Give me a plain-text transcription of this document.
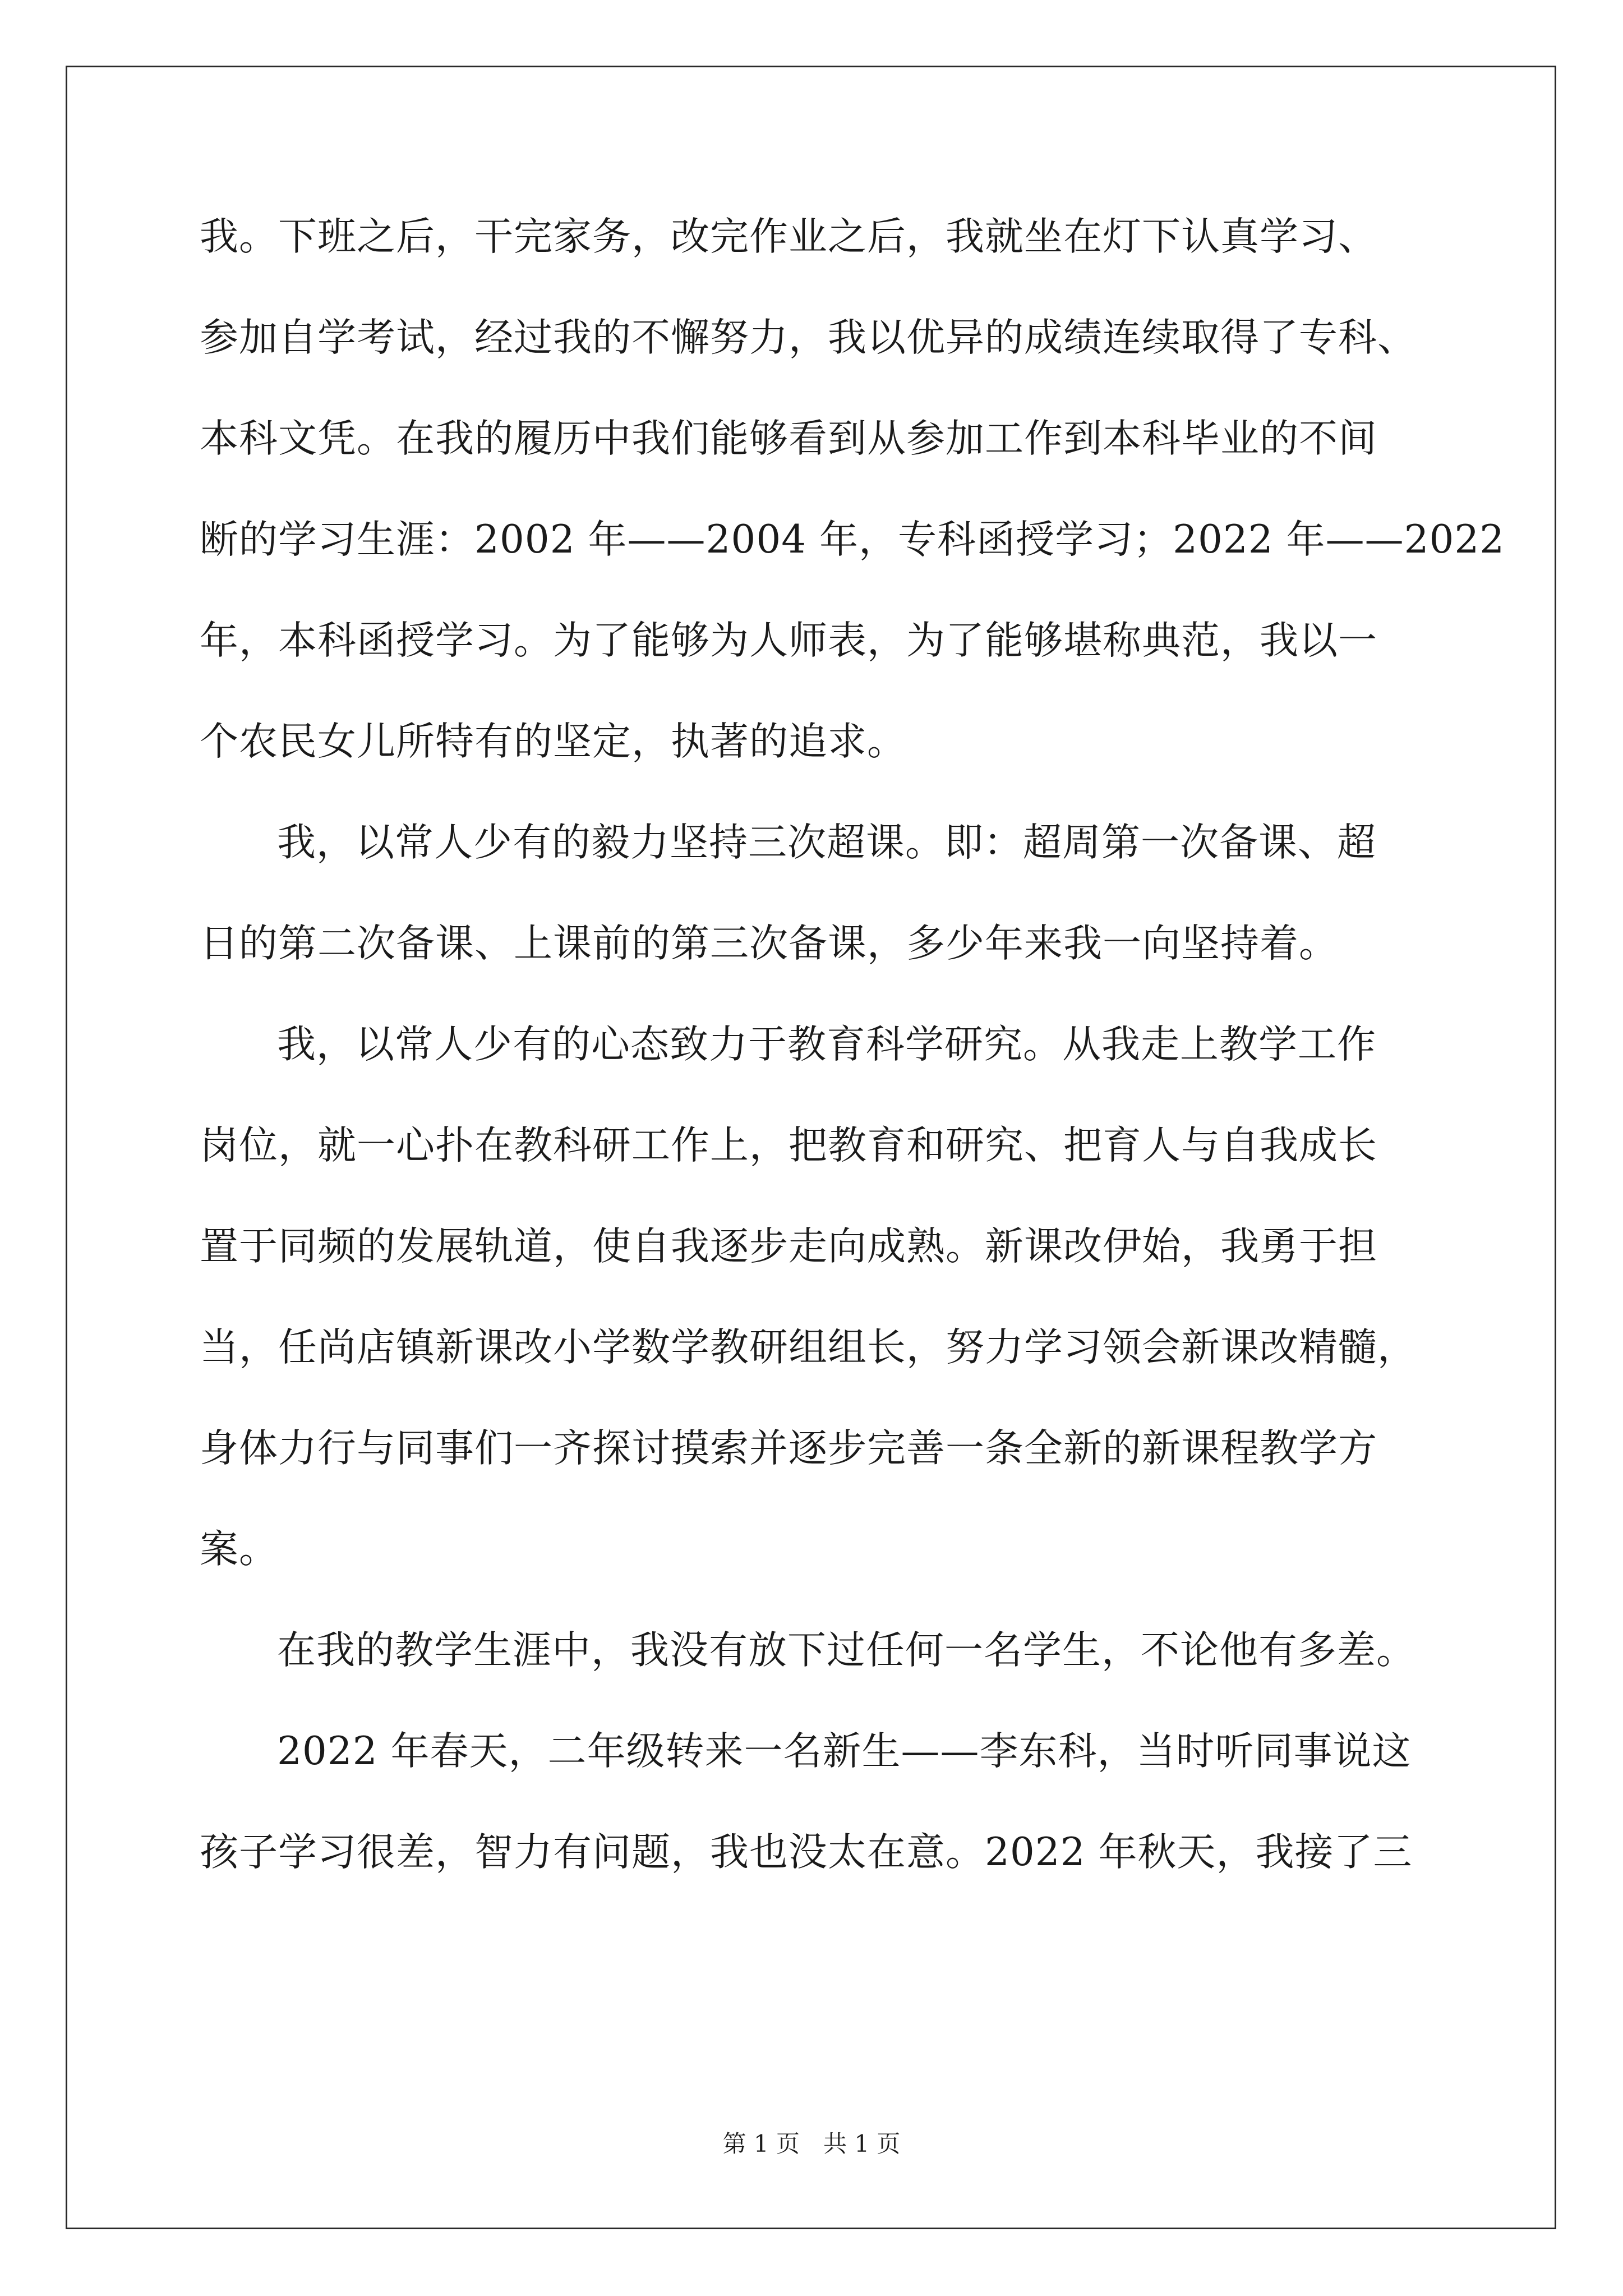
我。下班之后，干完家务，改完作业之后，我就坐在灯下认真学习、
参加自学考试，经过我的不懈努力，我以优异的成绩连续取得了专科、
本科文凭。在我的履历中我们能够看到从参加工作到本科毕业的不间
断的学习生涯：2002 年——2004 年，专科函授学习；2022 年——2022
年，本科函授学习。为了能够为人师表，为了能够堪称典范，我以一
个农民女儿所特有的坚定，执著的追求。
我，以常人少有的毅力坚持三次超课。即：超周第一次备课、超
日的第二次备课、上课前的第三次备课，多少年来我一向坚持着。
我，以常人少有的心态致力于教育科学研究。从我走上教学工作
岗位，就一心扑在教科研工作上，把教育和研究、把育人与自我成长
置于同频的发展轨道，使自我逐步走向成熟。新课改伊始，我勇于担
当，任尚店镇新课改小学数学教研组组长，努力学习领会新课改精髓，
身体力行与同事们一齐探讨摸索并逐步完善一条全新的新课程教学方
案。
在我的教学生涯中，我没有放下过任何一名学生，不论他有多差。
2022 年春天，二年级转来一名新生——李东科，当时听同事说这
孩子学习很差，智力有问题，我也没太在意。2022 年秋天，我接了三
第 1 页　共 1 页
